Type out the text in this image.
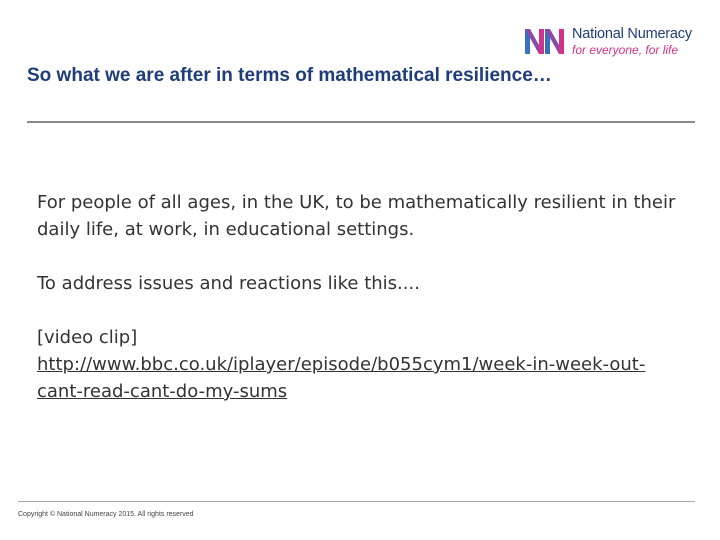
National Numeracy
for everyone, for life
So what we are after in terms of mathematical resilience…

For people of all ages, in the UK, to be mathematically resilient in their daily life, at work, in educational settings.

To address issues and reactions like this....

[video clip]

http://www.bbc.co.uk/iplayer/episode/b055cym1/week-in-week-out-cant-read-cant-do-my-sums

Copyright © National Numeracy 2015. All rights reserved
